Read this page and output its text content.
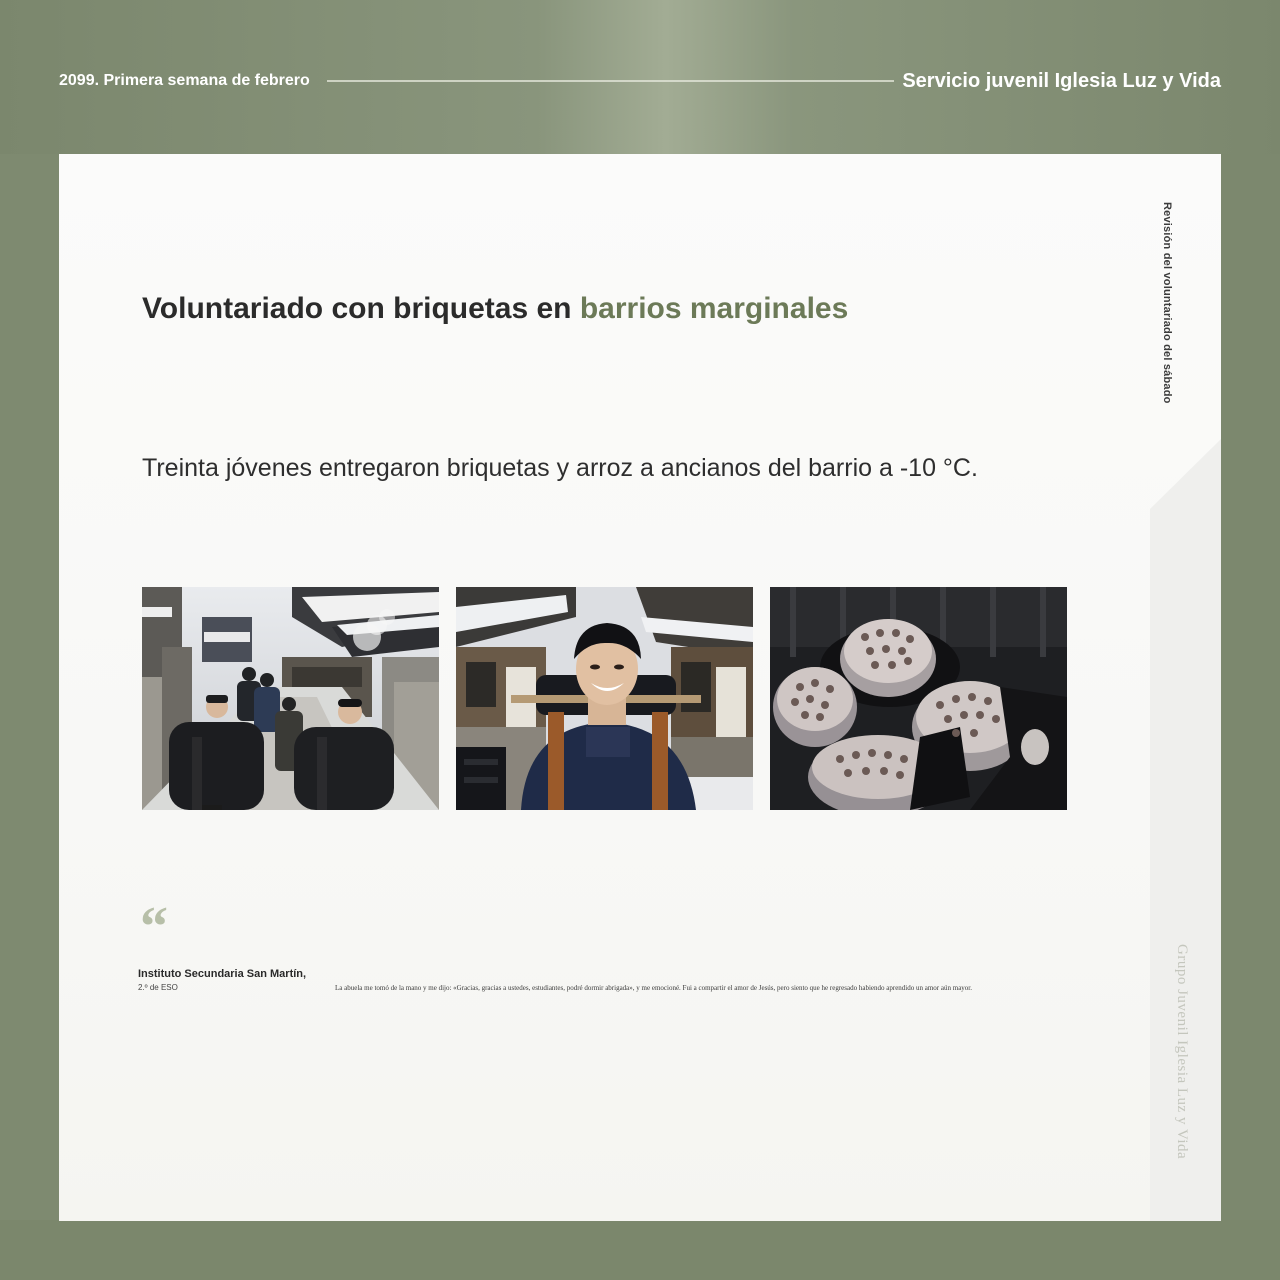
2099. Primera semana de febrero	Servicio juvenil Iglesia Luz y Vida
Revisión del voluntariado del sábado
Grupo Juvenil Iglesia Luz y Vida
Voluntariado con briquetas en barrios marginales

Treinta jóvenes entregaron briquetas y arroz a ancianos del barrio a -10 °C.

“
Instituto Secundaria San Martín,
2.º de ESO	La abuela me tomó de la mano y me dijo: «Gracias, gracias a ustedes, estudiantes, podré dormir abrigada», y me emocioné. Fui a compartir el amor de Jesús, pero siento que he regresado habiendo aprendido un amor aún mayor.
